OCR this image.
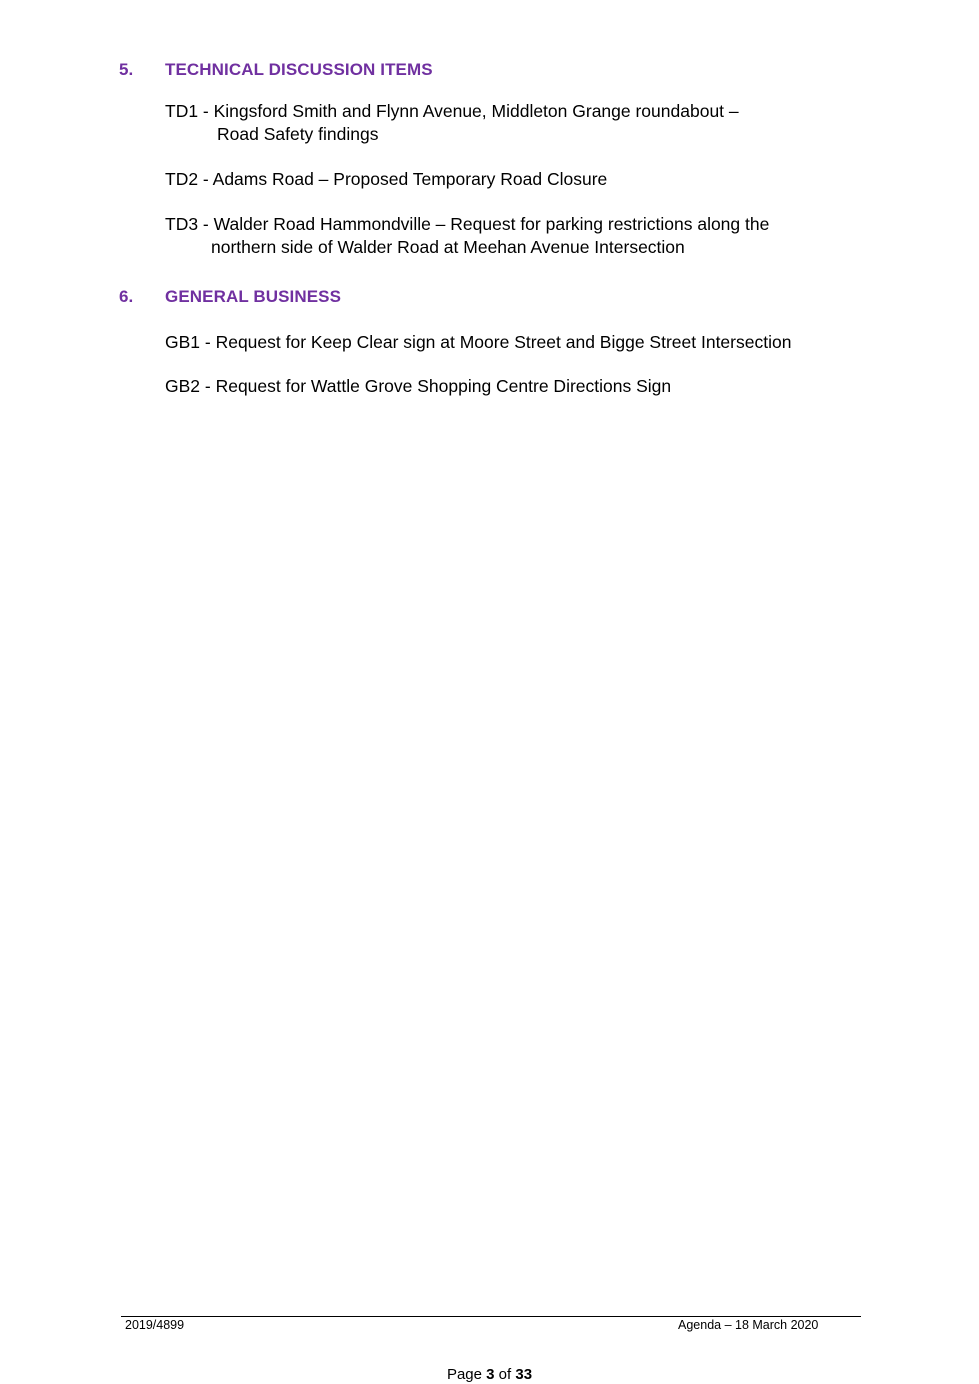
5. TECHNICAL DISCUSSION ITEMS
TD1 - Kingsford Smith and Flynn Avenue, Middleton Grange roundabout –
Road Safety findings
TD2 - Adams Road – Proposed Temporary Road Closure
TD3 - Walder Road Hammondville – Request for parking restrictions along the
northern side of Walder Road at Meehan Avenue Intersection
6. GENERAL BUSINESS
GB1 - Request for Keep Clear sign at Moore Street and Bigge Street Intersection
GB2 - Request for Wattle Grove Shopping Centre Directions Sign
2019/4899	Agenda – 18 March 2020
Page 3 of 33
